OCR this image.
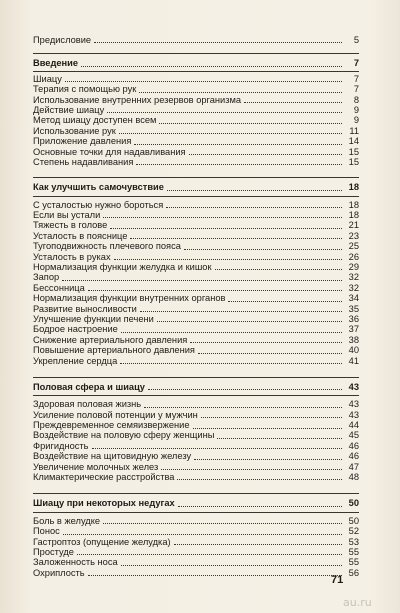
Предисловие	5
Введение	7
Шиацу	7
Терапия с помощью рук	7
Использование внутренних резервов организма	8
Действие шиацу	9
Метод шиацу доступен всем	9
Использование рук	11
Приложение давления	14
Основные точки для надавливания	15
Степень надавливания	15
Как улучшить самочувствие	18
С усталостью нужно бороться	18
Если вы устали	18
Тяжесть в голове	21
Усталость в пояснице	23
Тугоподвижность плечевого пояса	25
Усталость в руках	26
Нормализация функции желудка и кишок	29
Запор	32
Бессонница	32
Нормализация функции внутренних органов	34
Развитие выносливости	35
Улучшение функции печени	36
Бодрое настроение	37
Снижение артериального давления	38
Повышение артериального давления	40
Укрепление сердца	41
Половая сфера и шиацу	43
Здоровая половая жизнь	43
Усиление половой потенции у мужчин	43
Преждевременное семяизвержение	44
Воздействие на половую сферу женщины	45
Фригидность	46
Воздействие на щитовидную железу	46
Увеличение молочных желез	47
Климактерические расстройства	48
Шиацу при некоторых недугах	50
Боль в желудке	50
Понос	52
Гастроптоз (опущение желудка)	53
Простуде	55
Заложенность носа	55
Охриплость	56
71
au.ru
